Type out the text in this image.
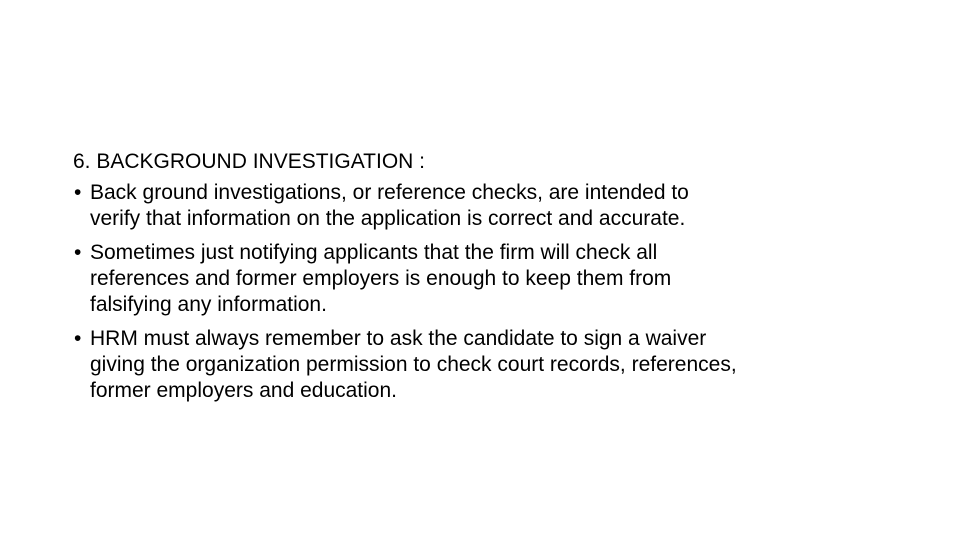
6. BACKGROUND INVESTIGATION :
• Back ground investigations, or reference checks, are intended to
verify that information on the application is correct and accurate.
• Sometimes just notifying applicants that the firm will check all
references and former employers is enough to keep them from
falsifying any information.
• HRM must always remember to ask the candidate to sign a waiver
giving the organization permission to check court records, references,
former employers and education.
